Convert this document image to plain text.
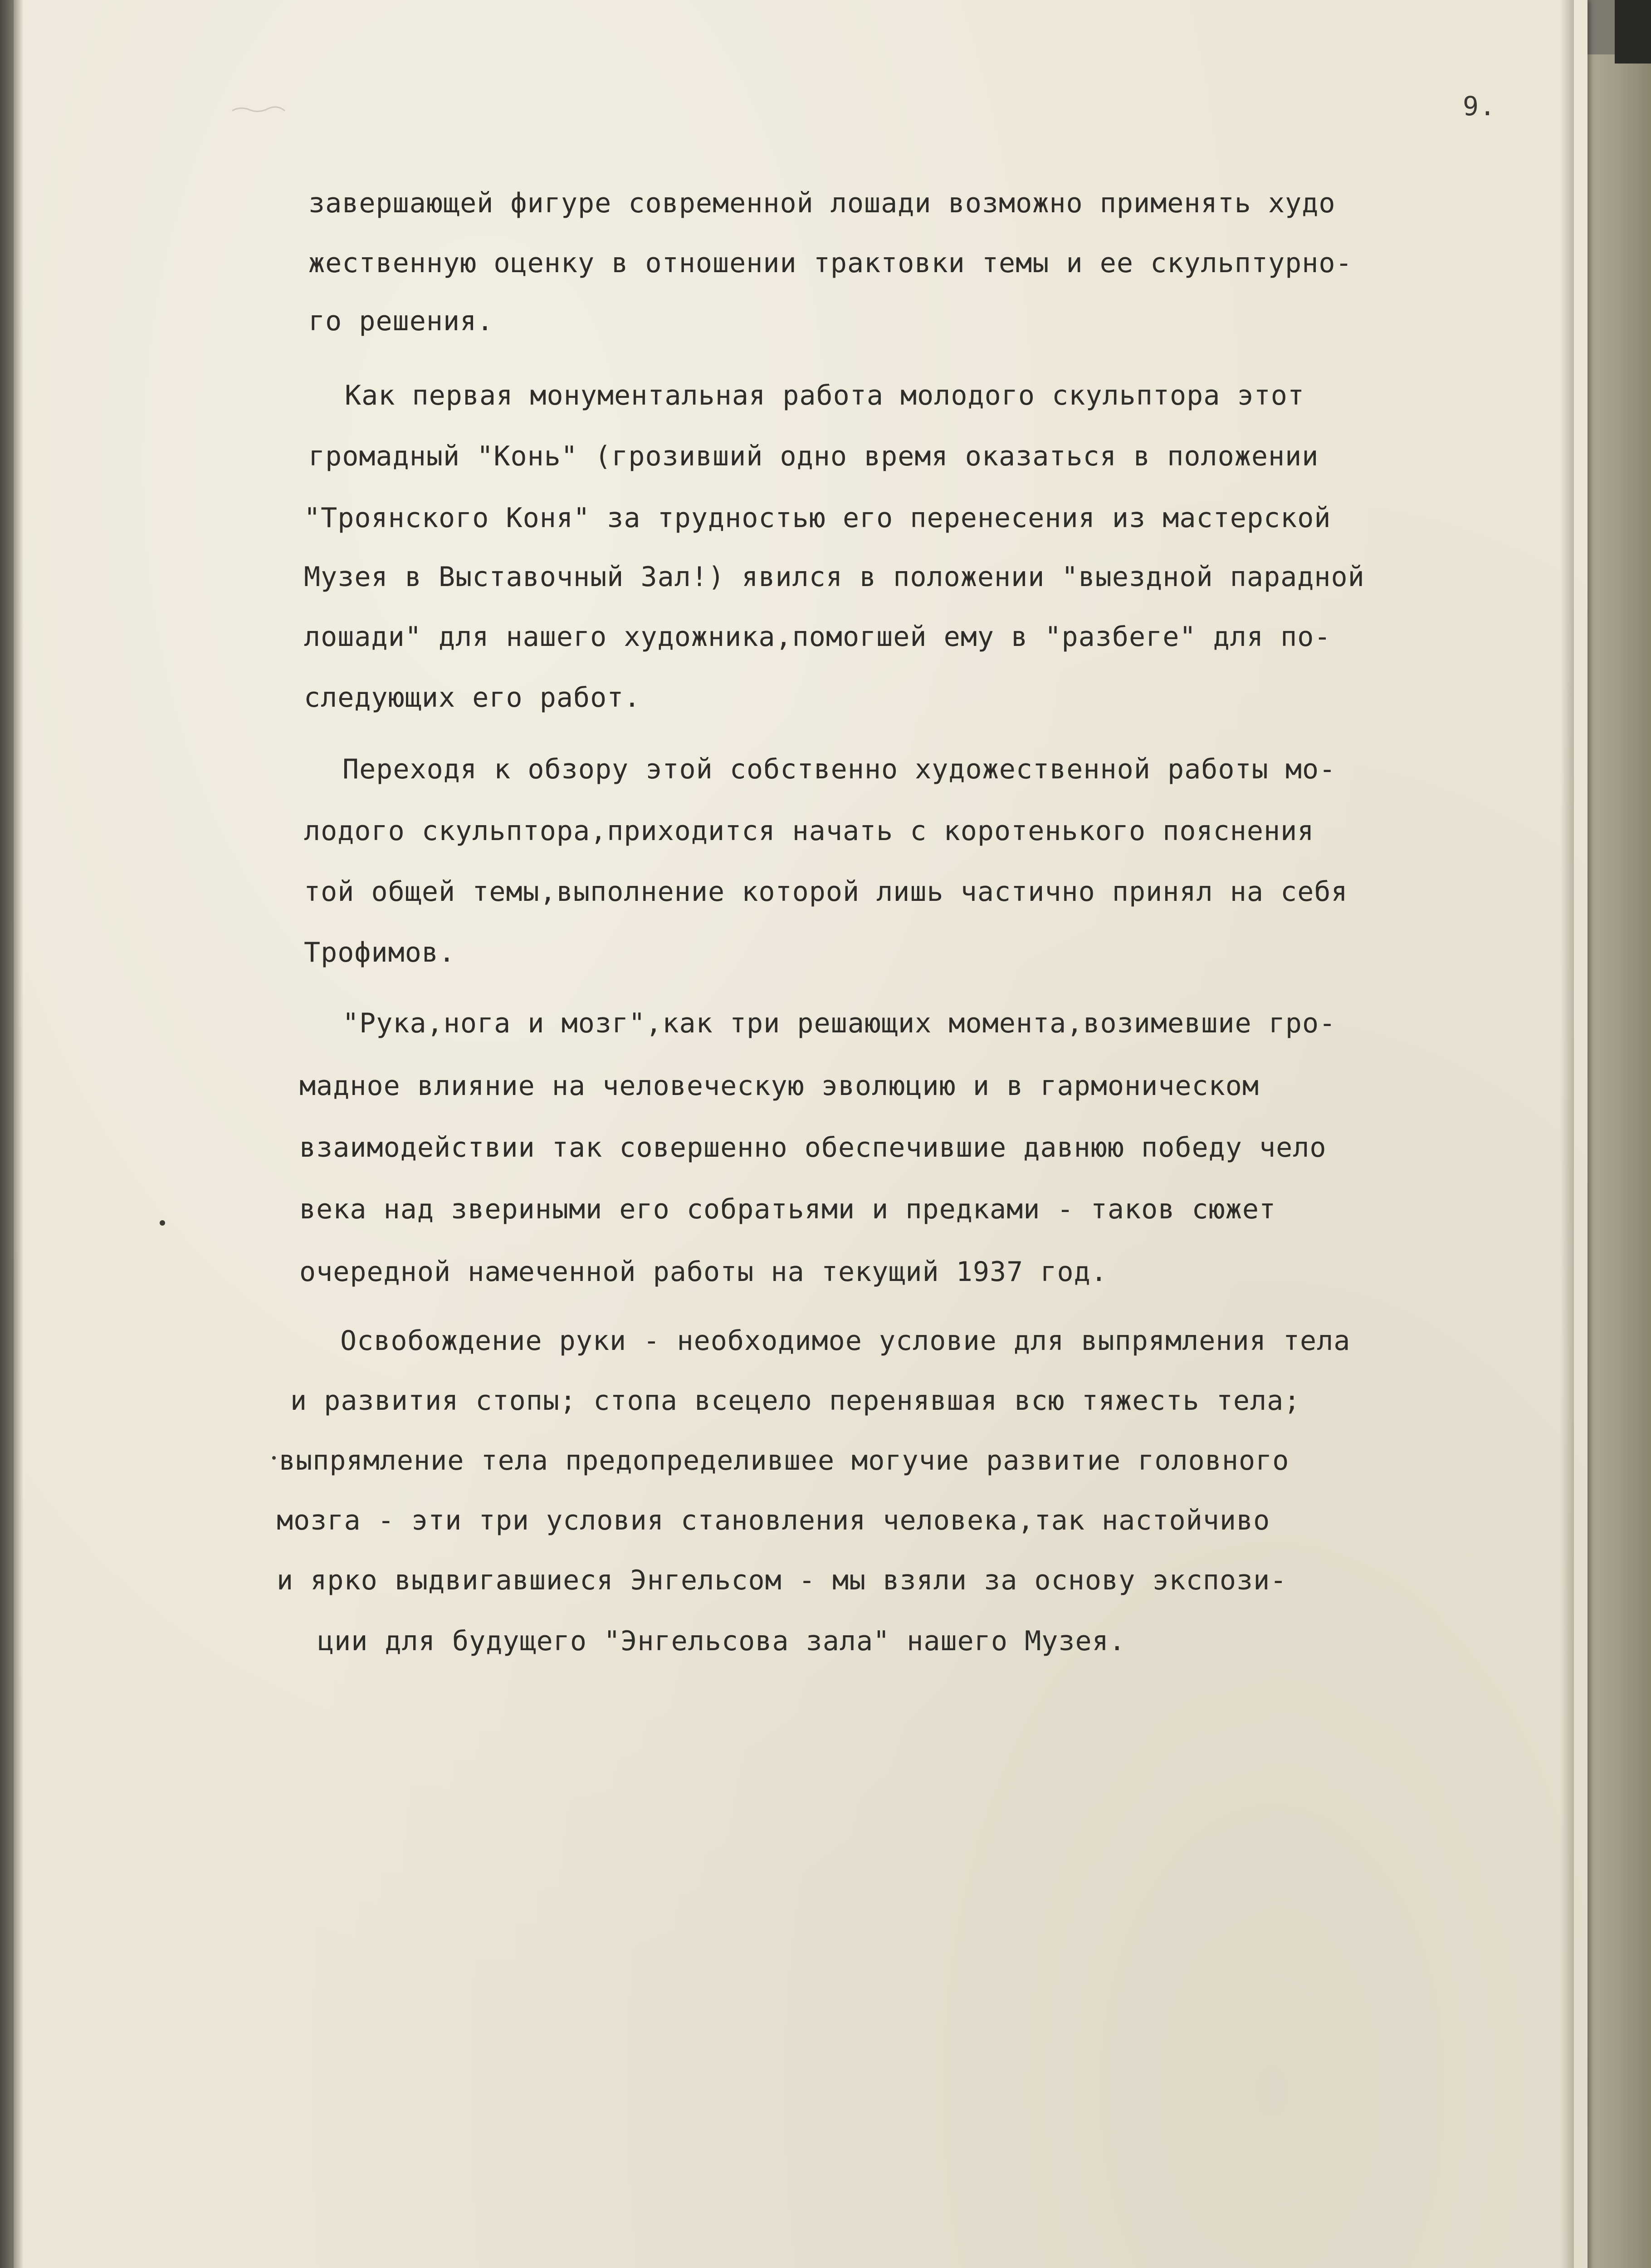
9.
завершающей фигуре современной лошади возможно применять худо
жественную оценку в отношении трактовки темы и ее скульптурно-
го решения.
Как первая монументальная работа молодого скульптора этот
громадный "Конь" (грозивший одно время оказаться в положении
"Троянского Коня" за трудностью его перенесения из мастерской
Музея в Выставочный Зал!) явился в положении "выездной парадной
лошади" для нашего художника,помогшей ему в "разбеге" для по-
следующих его работ.
Переходя к обзору этой собственно художественной работы мо-
лодого скульптора,приходится начать с коротенького пояснения
той общей темы,выполнение которой лишь частично принял на себя
Трофимов.
"Рука,нога и мозг",как три решающих момента,возимевшие гро-
мадное влияние на человеческую эволюцию и в гармоническом
взаимодействии так совершенно обеспечившие давнюю победу чело
века над звериными его собратьями и предками - таков сюжет
очередной намеченной работы на текущий 1937 год.
Освобождение руки - необходимое условие для выпрямления тела
и развития стопы; стопа всецело перенявшая всю тяжесть тела;
выпрямление тела предопределившее могучие развитие головного
мозга - эти три условия становления человека,так настойчиво
и ярко выдвигавшиеся Энгельсом - мы взяли за основу экспози-
ции для будущего "Энгельсова зала" нашего Музея.
